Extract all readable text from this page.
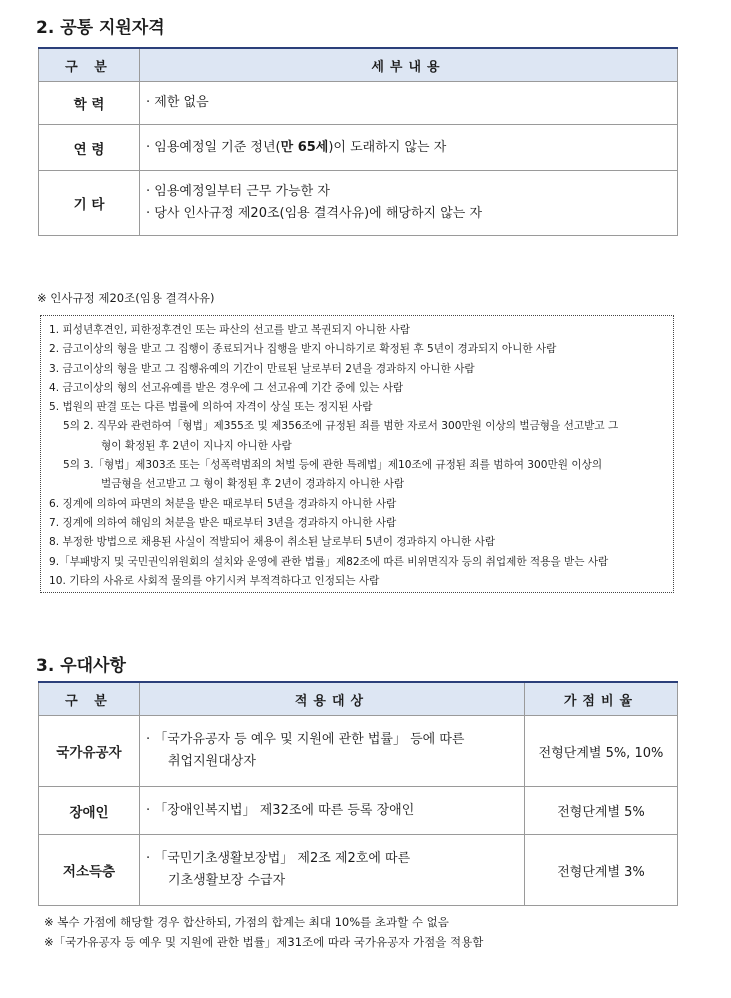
2. 공통 지원자격
구 분	세부내용
학 력	· 제한 없음

연 령	· 임용예정일 기준 정년(만 65세)이 도래하지 않는 자

기 타	· 임용예정일부터 근무 가능한 자
· 당사 인사규정 제20조(임용 결격사유)에 해당하지 않는 자
※ 인사규정 제20조(임용 결격사유)
1. 피성년후견인, 피한정후견인 또는 파산의 선고를 받고 복권되지 아니한 사람
2. 금고이상의 형을 받고 그 집행이 종료되거나 집행을 받지 아니하기로 확정된 후 5년이 경과되지 아니한 사람
3. 금고이상의 형을 받고 그 집행유예의 기간이 만료된 날로부터 2년을 경과하지 아니한 사람
4. 금고이상의 형의 선고유예를 받은 경우에 그 선고유예 기간 중에 있는 사람
5. 법원의 판결 또는 다른 법률에 의하여 자격이 상실 또는 정지된 사람
5의 2. 직무와 관련하여「형법」제355조 및 제356조에 규정된 죄를 범한 자로서 300만원 이상의 벌금형을 선고받고 그
형이 확정된 후 2년이 지나지 아니한 사람
5의 3.「형법」제303조 또는「성폭력범죄의 처벌 등에 관한 특례법」제10조에 규정된 죄를 범하여 300만원 이상의
벌금형을 선고받고 그 형이 확정된 후 2년이 경과하지 아니한 사람
6. 징계에 의하여 파면의 처분을 받은 때로부터 5년을 경과하지 아니한 사람
7. 징계에 의하여 해임의 처분을 받은 때로부터 3년을 경과하지 아니한 사람
8. 부정한 방법으로 채용된 사실이 적발되어 채용이 취소된 날로부터 5년이 경과하지 아니한 사람
9.「부패방지 및 국민권익위원회의 설치와 운영에 관한 법률」제82조에 따른 비위면직자 등의 취업제한 적용을 받는 사람
10. 기타의 사유로 사회적 물의를 야기시켜 부적격하다고 인정되는 사람
3. 우대사항
구 분	적용대상	가점비율
국가유공자	· 「국가유공자 등 예우 및 지원에 관한 법률」 등에 따른
취업지원대상자	전형단계별 5%, 10%
장애인	· 「장애인복지법」 제32조에 따른 등록 장애인	전형단계별 5%
저소득층	· 「국민기초생활보장법」 제2조 제2호에 따른
기초생활보장 수급자	전형단계별 3%
※ 복수 가점에 해당할 경우 합산하되, 가점의 합계는 최대 10%를 초과할 수 없음
※「국가유공자 등 예우 및 지원에 관한 법률」제31조에 따라 국가유공자 가점을 적용함
